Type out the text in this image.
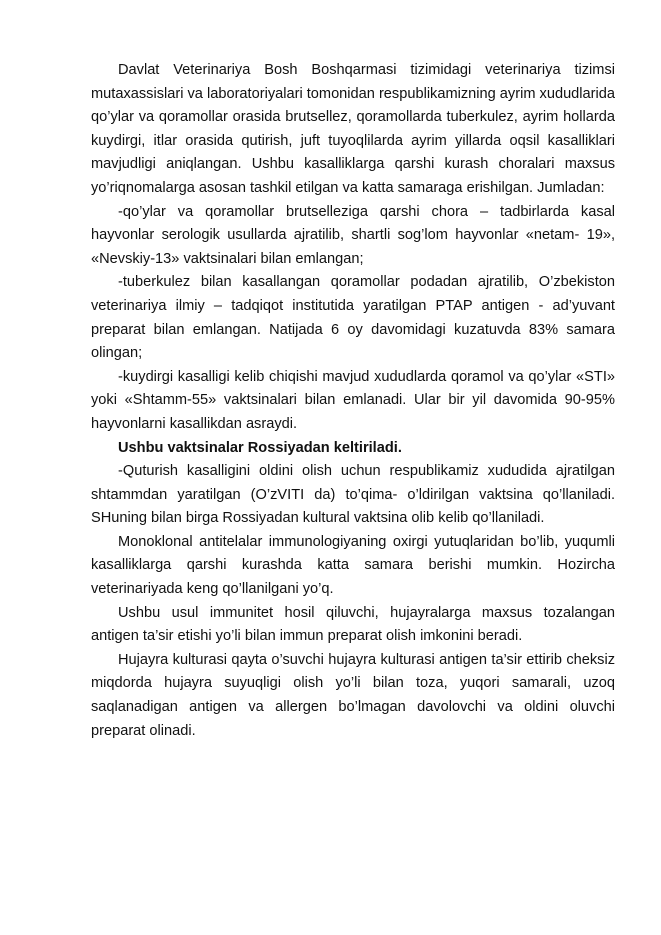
Davlat Veterinariya Bosh Boshqarmasi tizimidagi veterinariya tizimsi mutaxassislari va laboratoriyalari tomonidan respublikamizning ayrim xududlarida qo’ylar va qoramollar orasida brutsellez, qoramollarda tuberkulez, ayrim hollarda kuydirgi, itlar orasida qutirish, juft tuyoqlilarda ayrim yillarda oqsil kasalliklari mavjudligi aniqlangan. Ushbu kasalliklarga qarshi kurash choralari maxsus yo’riqnomalarga asosan tashkil etilgan va katta samaraga erishilgan. Jumladan:

-qo’ylar va qoramollar brutselleziga qarshi chora – tadbirlarda kasal hayvonlar serologik usullarda ajratilib, shartli sog’lom hayvonlar «netam- 19», «Nevskiy-13» vaktsinalari bilan emlangan;

-tuberkulez bilan kasallangan qoramollar podadan ajratilib, O’zbekiston veterinariya ilmiy – tadqiqot institutida yaratilgan PTAP antigen - ad’yuvant preparat bilan emlangan. Natijada 6 oy davomidagi kuzatuvda 83% samara olingan;

-kuydirgi kasalligi kelib chiqishi mavjud xududlarda qoramol va qo’ylar «STI» yoki «Shtamm-55» vaktsinalari bilan emlanadi. Ular bir yil davomida 90-95% hayvonlarni kasallikdan asraydi.

Ushbu vaktsinalar Rossiyadan keltiriladi.

-Quturish kasalligini oldini olish uchun respublikamiz xududida ajratilgan shtammdan yaratilgan (O’zVITI da) to’qima- o’ldirilgan vaktsina qo’llaniladi. SHuning bilan birga Rossiyadan kultural vaktsina olib kelib qo’llaniladi.

Monoklonal antitelalar immunologiyaning oxirgi yutuqlaridan bo’lib, yuqumli kasalliklarga qarshi kurashda katta samara berishi mumkin. Hozircha veterinariyada keng qo’llanilgani yo’q.

Ushbu usul immunitet hosil qiluvchi, hujayralarga maxsus tozalangan antigen ta’sir etishi yo’li bilan immun preparat olish imkonini beradi.

Hujayra kulturasi qayta o’suvchi hujayra kulturasi antigen ta’sir ettirib cheksiz miqdorda hujayra suyuqligi olish yo’li bilan toza, yuqori samarali, uzoq saqlanadigan antigen va allergen bo’lmagan davolovchi va oldini oluvchi preparat olinadi.
